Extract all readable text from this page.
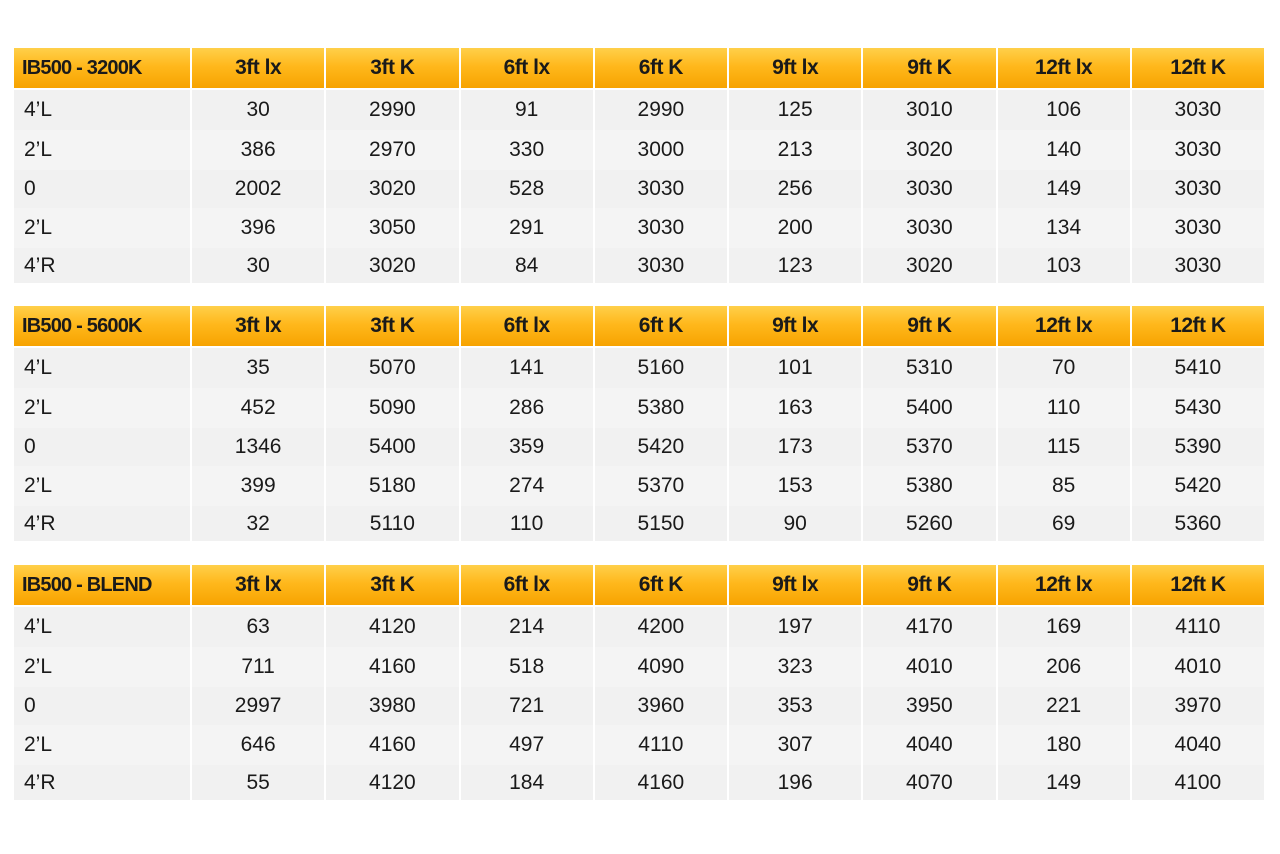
IB500 - 3200K	3ft lx	3ft K	6ft lx	6ft K	9ft lx	9ft K	12ft lx	12ft K
4’L	30	2990	91	2990	125	3010	106	3030
2’L	386	2970	330	3000	213	3020	140	3030
0	2002	3020	528	3030	256	3030	149	3030
2’L	396	3050	291	3030	200	3030	134	3030
4’R	30	3020	84	3030	123	3020	103	3030
IB500 - 5600K	3ft lx	3ft K	6ft lx	6ft K	9ft lx	9ft K	12ft lx	12ft K
4’L	35	5070	141	5160	101	5310	70	5410
2’L	452	5090	286	5380	163	5400	110	5430
0	1346	5400	359	5420	173	5370	115	5390
2’L	399	5180	274	5370	153	5380	85	5420
4’R	32	5110	110	5150	90	5260	69	5360
IB500 - BLEND	3ft lx	3ft K	6ft lx	6ft K	9ft lx	9ft K	12ft lx	12ft K
4’L	63	4120	214	4200	197	4170	169	4110
2’L	711	4160	518	4090	323	4010	206	4010
0	2997	3980	721	3960	353	3950	221	3970
2’L	646	4160	497	4110	307	4040	180	4040
4’R	55	4120	184	4160	196	4070	149	4100
